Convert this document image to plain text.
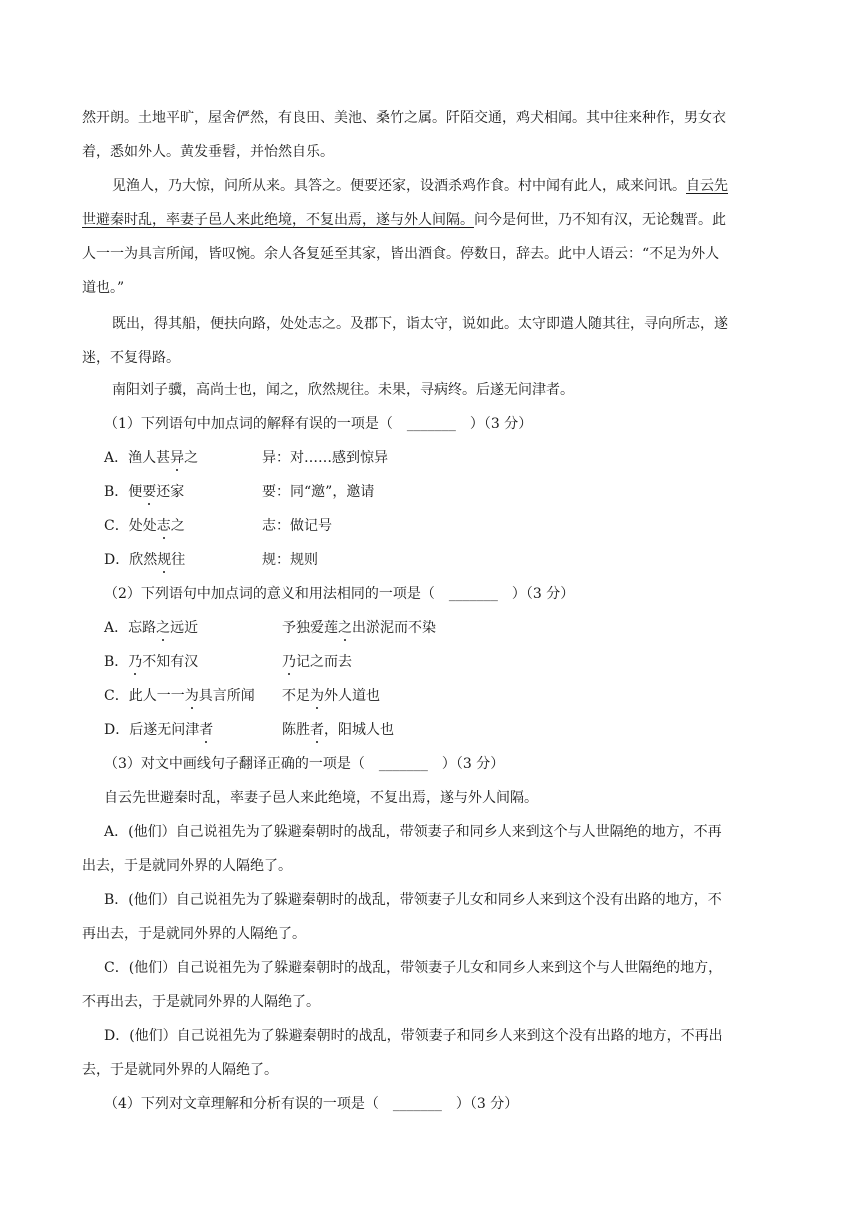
然开朗。土地平旷，屋舍俨然，有良田、美池、桑竹之属。阡陌交通，鸡犬相闻。其中往来种作，男女衣
着，悉如外人。黄发垂髫，并怡然自乐。
见渔人，乃大惊，问所从来。具答之。便要还家，设酒杀鸡作食。村中闻有此人，咸来问讯。自云先
世避秦时乱，率妻子邑人来此绝境，不复出焉，遂与外人间隔。问今是何世，乃不知有汉，无论魏晋。此
人一一为具言所闻，皆叹惋。余人各复延至其家，皆出酒食。停数日，辞去。此中人语云：“不足为外人
道也。”
既出，得其船，便扶向路，处处志之。及郡下，诣太守，说如此。太守即遣人随其往，寻向所志，遂
迷，不复得路。
南阳刘子骥，高尚士也，闻之，欣然规往。未果，寻病终。后遂无问津者。
（1）下列语句中加点词的解释有误的一项是（　_______　）（3 分）
A．渔人甚异之	异：对……感到惊异
B．便要还家	要：同“邀”，邀请
C．处处志之	志：做记号
D．欣然规往	规：规则
（2）下列语句中加点词的意义和用法相同的一项是（　_______　）（3 分）
A．忘路之远近	予独爱莲之出淤泥而不染
B．乃不知有汉	乃记之而去
C．此人一一为具言所闻 不足为外人道也
D．后遂无问津者	陈胜者，阳城人也
（3）对文中画线句子翻译正确的一项是（　_______　）（3 分）
自云先世避秦时乱，率妻子邑人来此绝境，不复出焉，遂与外人间隔。
A．(他们）自己说祖先为了躲避秦朝时的战乱，带领妻子和同乡人来到这个与人世隔绝的地方，不再
出去，于是就同外界的人隔绝了。
B．(他们）自己说祖先为了躲避秦朝时的战乱，带领妻子儿女和同乡人来到这个没有出路的地方，不
再出去，于是就同外界的人隔绝了。
C．(他们）自己说祖先为了躲避秦朝时的战乱，带领妻子儿女和同乡人来到这个与人世隔绝的地方，
不再出去，于是就同外界的人隔绝了。
D．(他们）自己说祖先为了躲避秦朝时的战乱，带领妻子和同乡人来到这个没有出路的地方，不再出
去，于是就同外界的人隔绝了。
（4）下列对文章理解和分析有误的一项是（　_______　）（3 分）
